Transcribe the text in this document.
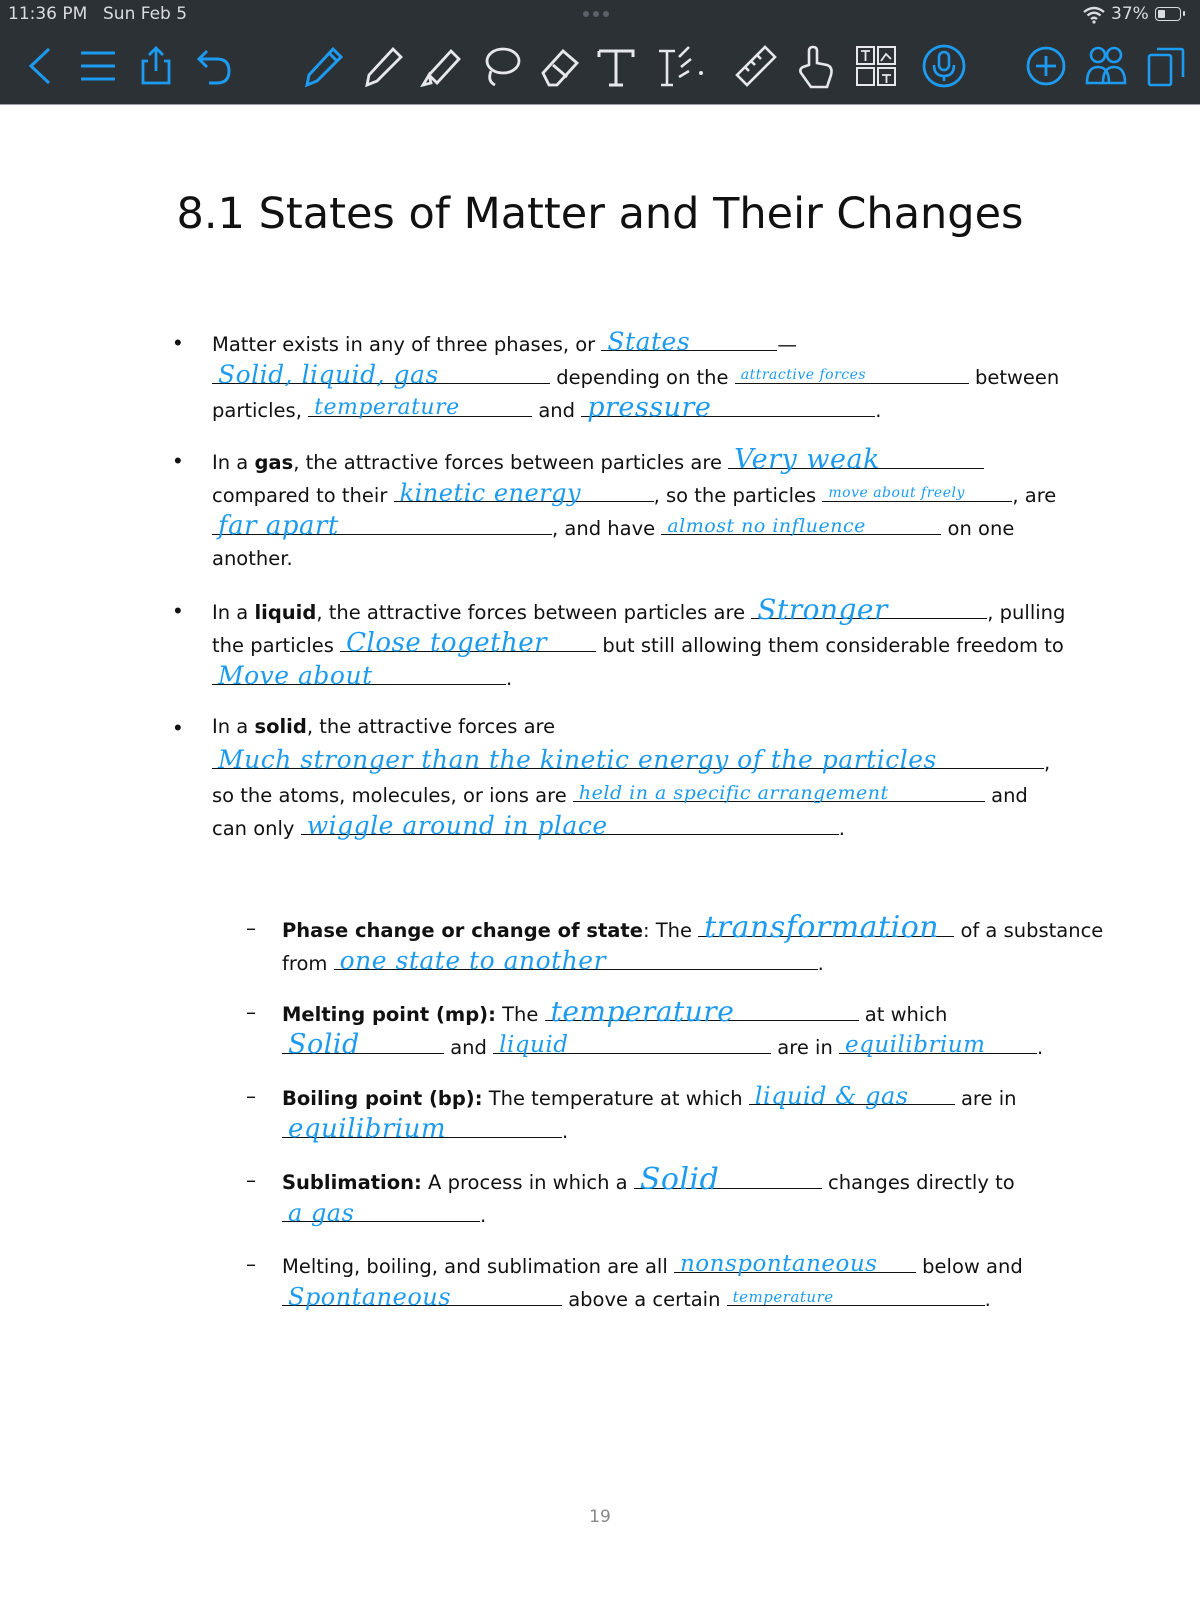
11:36 PM Sun Feb 5	37%
8.1 States of Matter and Their Changes
• Matter exists in any of three phases, or States	—
Solid, liquid, gas	depending on the attractive forces	between
particles, temperature	and pressure	.
• In a gas, the attractive forces between particles are Very weak
compared to their kinetic energy	, so the particles move about freely , are
far apart	, and have almost no influence	on one
another.
• In a liquid, the attractive forces between particles are Stronger	, pulling
the particles Close together	but still allowing them considerable freedom to
Move about	.
• In a solid, the attractive forces are
Much stronger than the kinetic energy of the particles	,
so the atoms, molecules, or ions are held in a specific arrangement	and
can only wiggle around in place	.
– Phase change or change of state: The transformation of a substance
from one state to another	.
– Melting point (mp): The temperature	at which
Solid	and liquid	are in equilibrium	.
– Boiling point (bp): The temperature at which liquid & gas	are in
equilibrium	.
– Sublimation: A process in which a Solid	changes directly to
a gas	.
– Melting, boiling, and sublimation are all nonspontaneous below and
Spontaneous	above a certain temperature	.
19
